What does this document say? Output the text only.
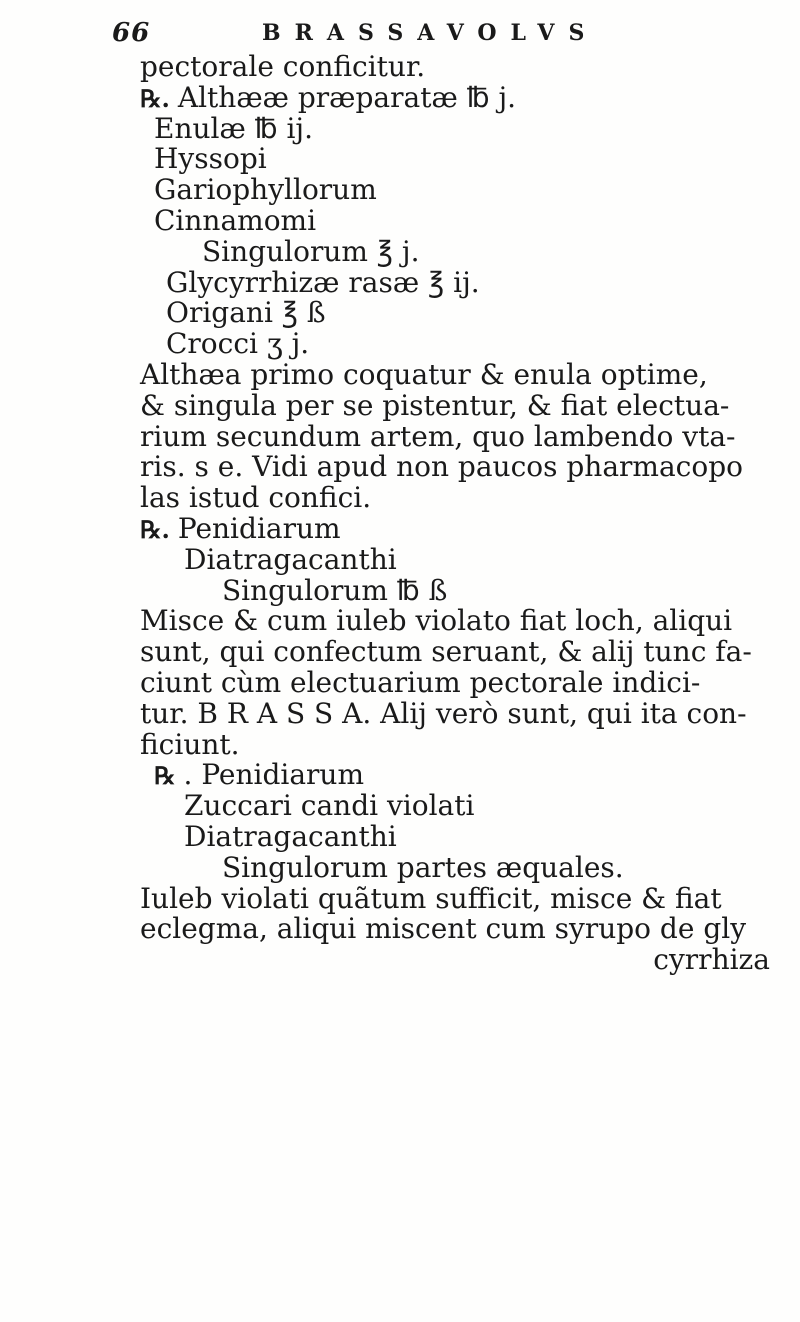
66	BRASSAVOLVS
pectorale conficitur.
℞. Althææ præparatæ ℔ j.
Enulæ ℔ ij.
Hyssopi
Gariophyllorum
Cinnamomi
Singulorum ℥ j.
Glycyrrhizæ rasæ ℥ ij.
Origani ℥ ß
Crocci ʒ j.
Althæa primo coquatur & enula optime,
& singula per se pistentur, & fiat electua-
rium secundum artem, quo lambendo vta-
ris. s e. Vidi apud non paucos pharmacopo
las istud confici.
℞. Penidiarum
Diatragacanthi
Singulorum ℔ ß
Misce & cum iuleb violato fiat loch, aliqui
sunt, qui confectum seruant, & alij tunc fa-
ciunt cùm electuarium pectorale indici-
tur. B R A S S A. Alij verò sunt, qui ita con-
ficiunt.
℞ . Penidiarum
Zuccari candi violati
Diatragacanthi
Singulorum partes æquales.
Iuleb violati quãtum sufficit, misce & fiat
eclegma, aliqui miscent cum syrupo de gly
cyrrhiza
